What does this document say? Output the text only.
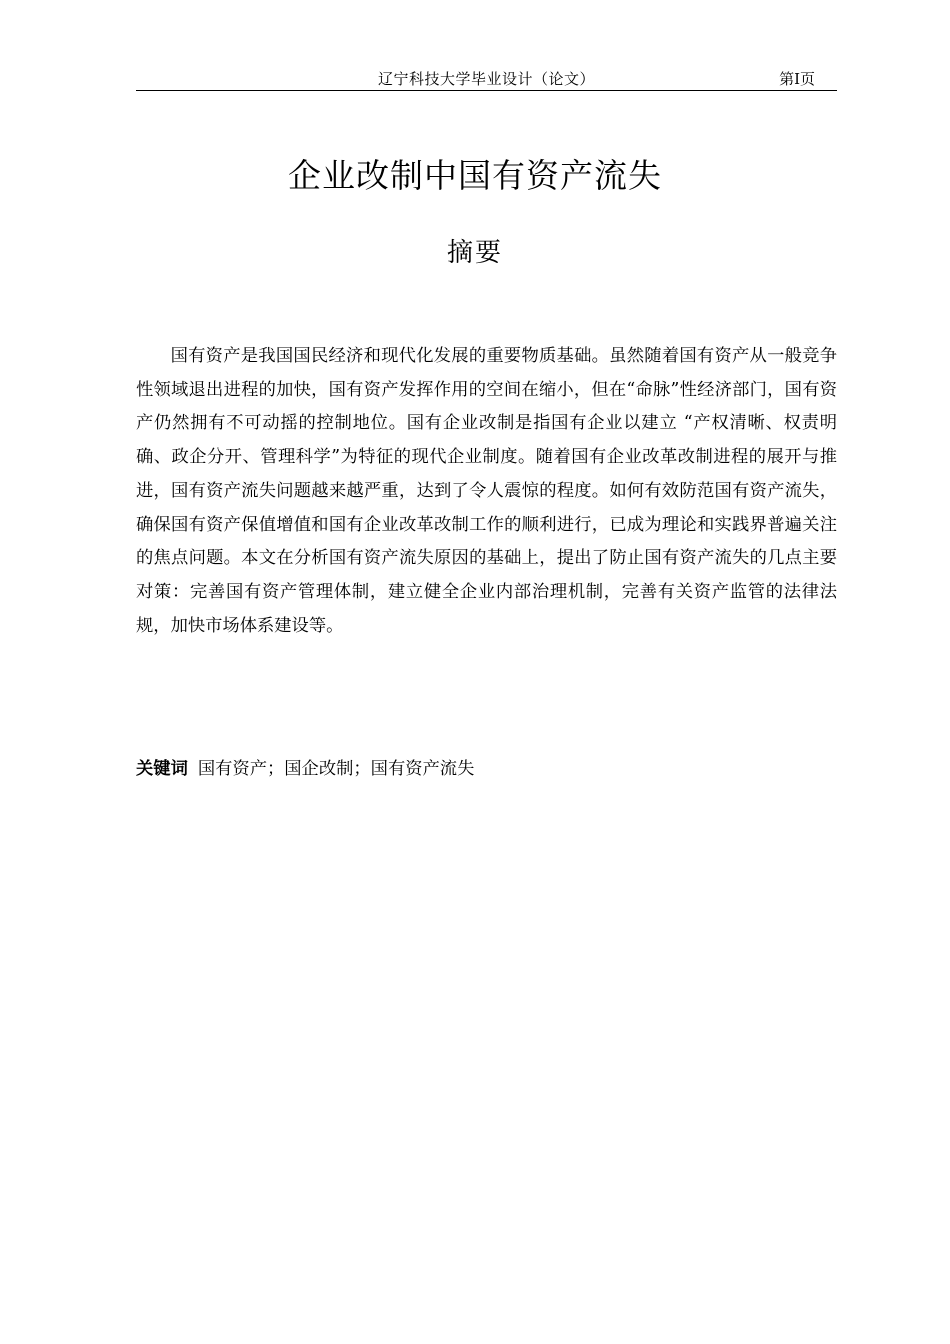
辽宁科技大学毕业设计（论文）	第I页
企业改制中国有资产流失
摘要

国有资产是我国国民经济和现代化发展的重要物质基础。虽然随着国有资产从一般竞争性领域退出进程的加快，国有资产发挥作用的空间在缩小，但在“命脉”性经济部门，国有资产仍然拥有不可动摇的控制地位。国有企业改制是指国有企业以建立 “产权清晰、权责明确、政企分开、管理科学”为特征的现代企业制度。随着国有企业改革改制进程的展开与推进，国有资产流失问题越来越严重，达到了令人震惊的程度。如何有效防范国有资产流失，确保国有资产保值增值和国有企业改革改制工作的顺利进行，已成为理论和实践界普遍关注的焦点问题。本文在分析国有资产流失原因的基础上，提出了防止国有资产流失的几点主要对策：完善国有资产管理体制，建立健全企业内部治理机制，完善有关资产监管的法律法规，加快市场体系建设等。

关键词 国有资产；国企改制；国有资产流失
